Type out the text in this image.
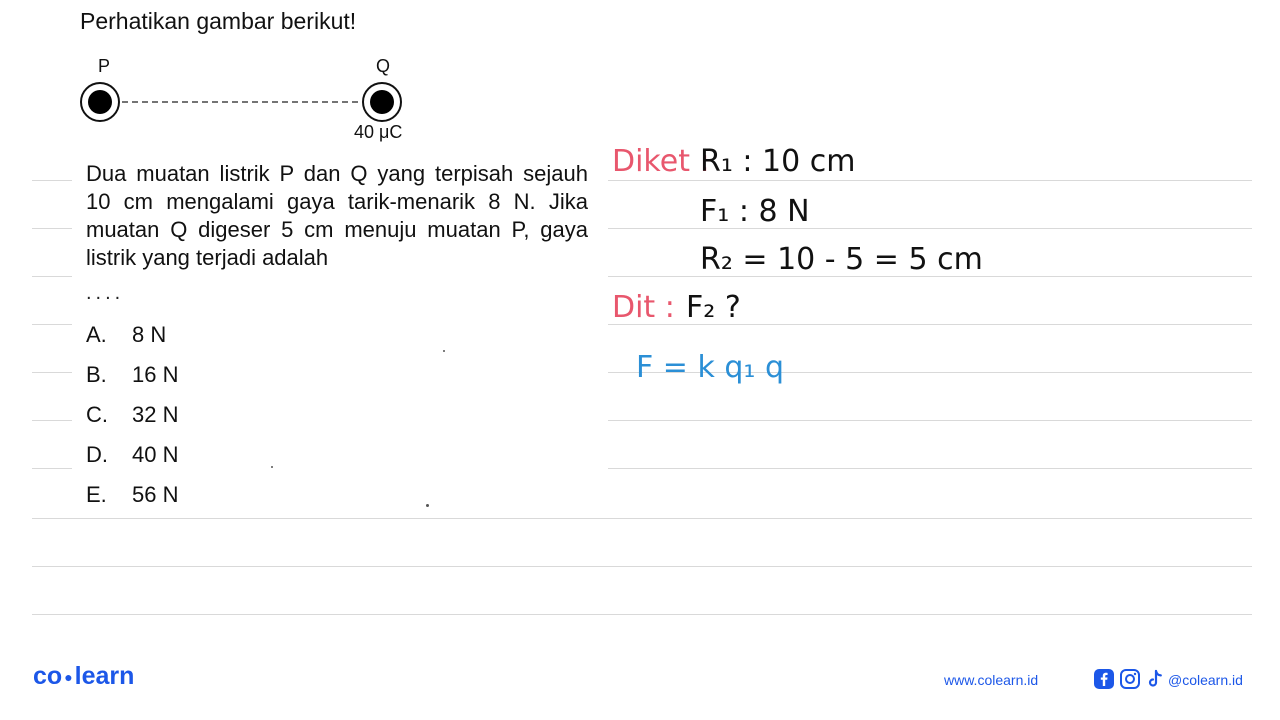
Perhatikan gambar berikut!
P	Q
40 μC
Dua muatan listrik P dan Q yang terpisah sejauh 10 cm mengalami gaya tarik-menarik 8 N. Jika muatan Q digeser 5 cm menuju muatan P, gaya listrik yang terjadi adalah
....
A. 8 N
B. 16 N
C. 32 N
D. 40 N
E. 56 N
Diket :
R₁ : 10 cm
F₁ : 8 N
R₂ = 10 - 5 = 5 cm
Dit : F₂ ?
F = k q₁ q
co ●learn	www.colearn.id	@colearn.id
